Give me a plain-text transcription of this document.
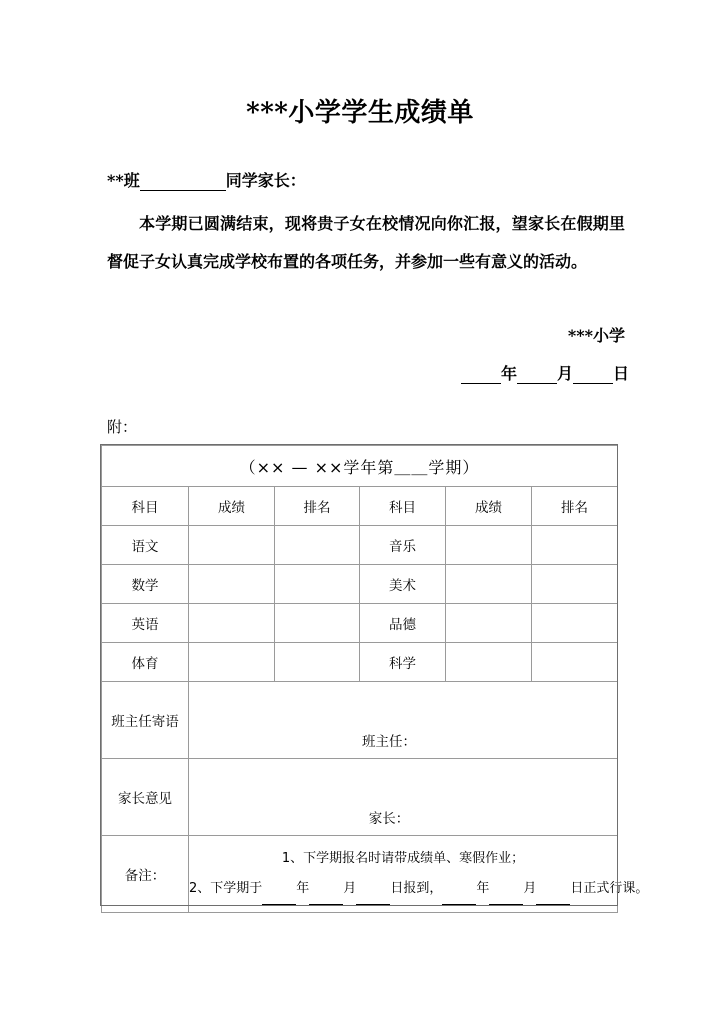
***小学学生成绩单
**班	同学家长：
本学期已圆满结束，现将贵子女在校情况向你汇报，望家长在假期里督促子女认真完成学校布置的各项任务，并参加一些有意义的活动。
***小学
年	月	日
附：
（×× — ××学年第＿＿学期）					
科目	成绩	排名	科目	成绩	排名
语文			音乐		
数学			美术		
英语			品德		
体育			科学		
班主任寄语	班主任：				

家长意见	家长：				

备注：	1、下学期报名时请带成绩单、寒假作业；
2、下学期于 年 月 日报到， 年 月 日正式行课。				
